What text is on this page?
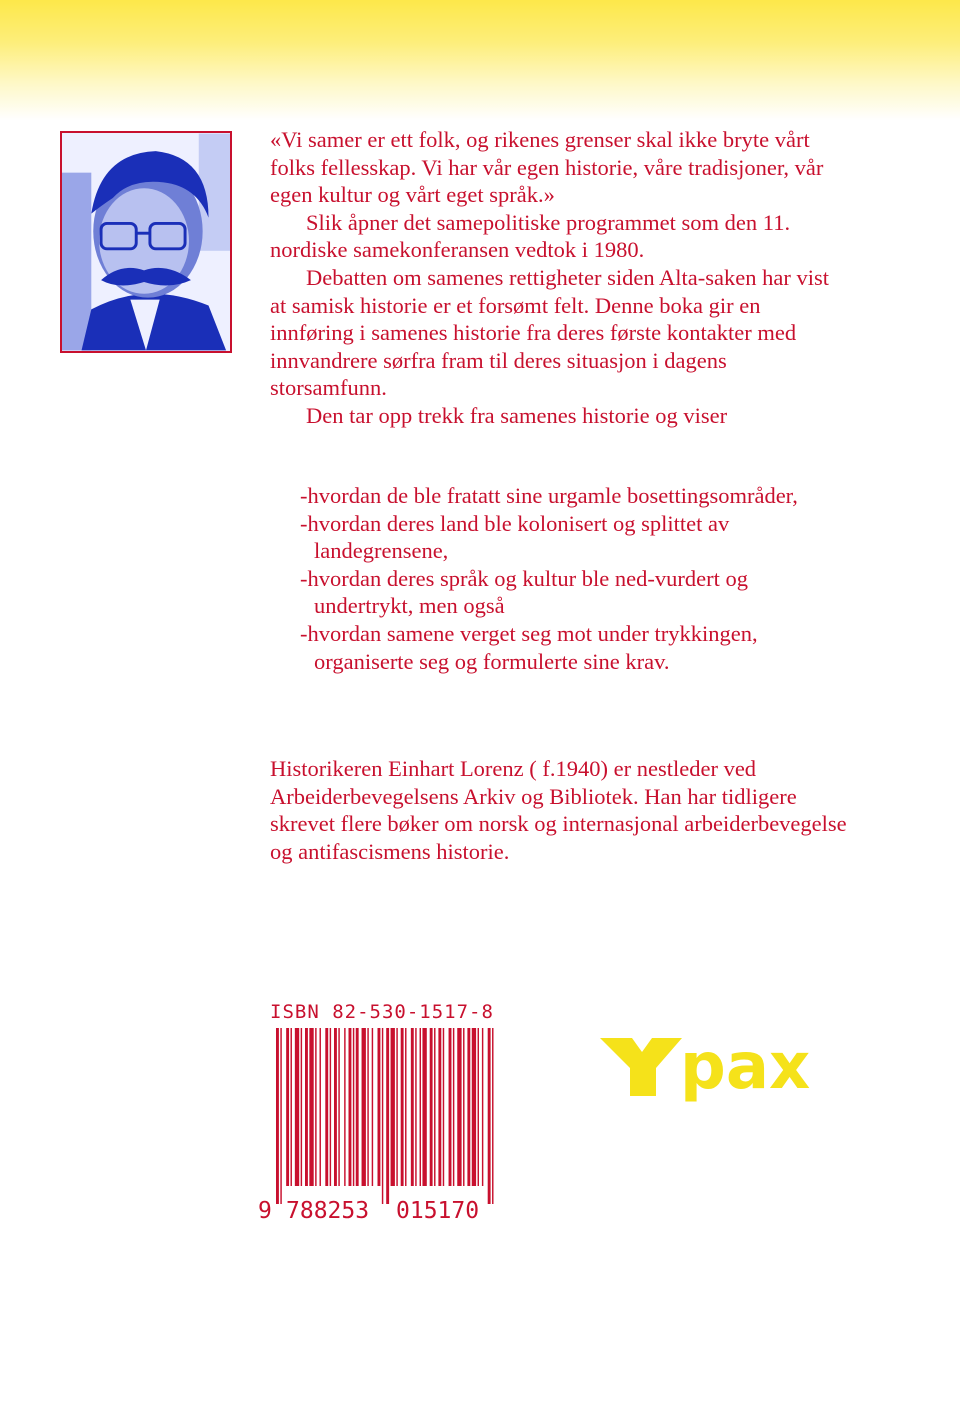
«Vi samer er ett folk, og rikenes grenser skal ikke bryte vårt folks fellesskap. Vi har vår egen historie, våre tradisjoner, vår egen kultur og vårt eget språk.»

Slik åpner det samepolitiske programmet som den 11. nordiske samekonferansen vedtok i 1980.

Debatten om samenes rettigheter siden Alta-saken har vist at samisk historie er et forsømt felt. Denne boka gir en innføring i samenes historie fra deres første kontakter med innvandrere sørfra fram til deres situasjon i dagens storsamfunn.

Den tar opp trekk fra samenes historie og viser

-hvordan de ble fratatt sine urgamle bosettingsområder,

-hvordan deres land ble kolonisert og splittet av landegrensene,

-hvordan deres språk og kultur ble ned-vurdert og undertrykt, men også

-hvordan samene verget seg mot under trykkingen, organiserte seg og formulerte sine krav.

Historikeren Einhart Lorenz ( f.1940) er nestleder ved Arbeiderbevegelsens Arkiv og Bibliotek. Han har tidligere skrevet flere bøker om norsk og internasjonal arbeiderbevegelse og antifascismens historie.

ISBN 82-530-1517-8
9 788253 015170
pax
